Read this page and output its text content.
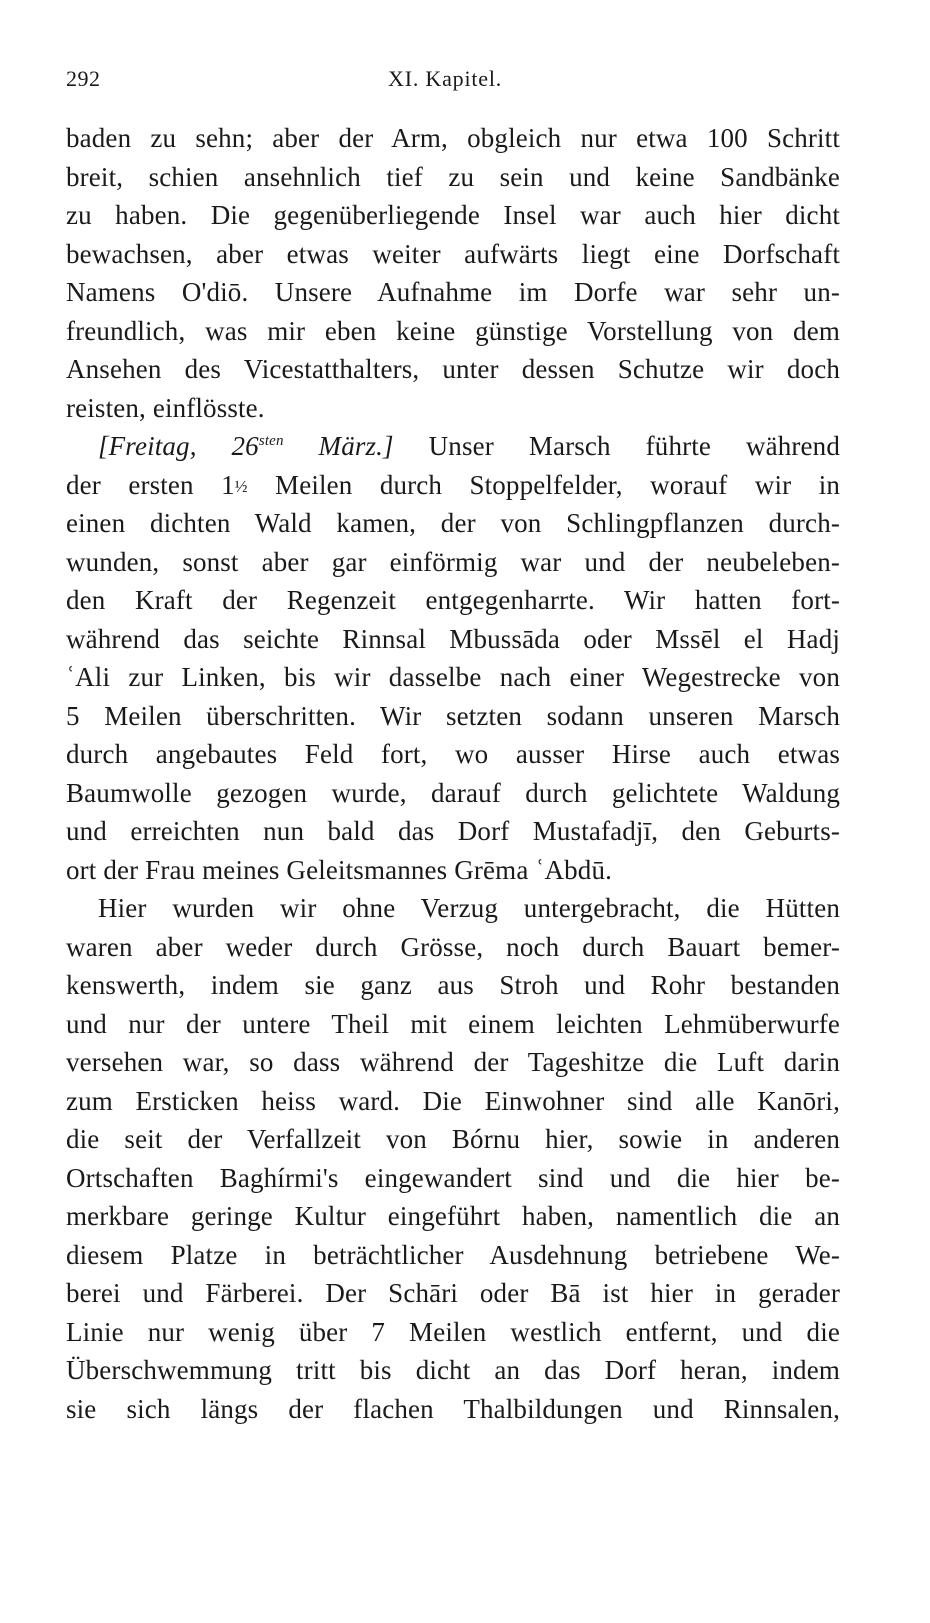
292	XI. Kapitel.
baden zu sehn; aber der Arm, obgleich nur etwa 100 Schritt
breit, schien ansehnlich tief zu sein und keine Sandbänke
zu haben. Die gegenüberliegende Insel war auch hier dicht
bewachsen, aber etwas weiter aufwärts liegt eine Dorfschaft
Namens O'diō. Unsere Aufnahme im Dorfe war sehr un-
freundlich, was mir eben keine günstige Vorstellung von dem
Ansehen des Vicestatthalters, unter dessen Schutze wir doch
reisten, einflösste.
[Freitag, $26^{sten}$ März.] Unser Marsch führte während
der ersten 1½ Meilen durch Stoppelfelder, worauf wir in
einen dichten Wald kamen, der von Schlingpflanzen durch-
wunden, sonst aber gar einförmig war und der neubeleben-
den Kraft der Regenzeit entgegenharrte. Wir hatten fort-
während das seichte Rinnsal Mbussāda oder Mssēl el Hadj
ʿAli zur Linken, bis wir dasselbe nach einer Wegestrecke von
5 Meilen überschritten. Wir setzten sodann unseren Marsch
durch angebautes Feld fort, wo ausser Hirse auch etwas
Baumwolle gezogen wurde, darauf durch gelichtete Waldung
und erreichten nun bald das Dorf Mustafadjī, den Geburts-
ort der Frau meines Geleitsmannes Grēma ʿAbdū.
Hier wurden wir ohne Verzug untergebracht, die Hütten
waren aber weder durch Grösse, noch durch Bauart bemer-
kenswerth, indem sie ganz aus Stroh und Rohr bestanden
und nur der untere Theil mit einem leichten Lehmüberwurfe
versehen war, so dass während der Tageshitze die Luft darin
zum Ersticken heiss ward. Die Einwohner sind alle Kanōri,
die seit der Verfallzeit von Bórnu hier, sowie in anderen
Ortschaften Baghírmi's eingewandert sind und die hier be-
merkbare geringe Kultur eingeführt haben, namentlich die an
diesem Platze in beträchtlicher Ausdehnung betriebene We-
berei und Färberei. Der Schāri oder Bā ist hier in gerader
Linie nur wenig über 7 Meilen westlich entfernt, und die
Überschwemmung tritt bis dicht an das Dorf heran, indem
sie sich längs der flachen Thalbildungen und Rinnsalen,
